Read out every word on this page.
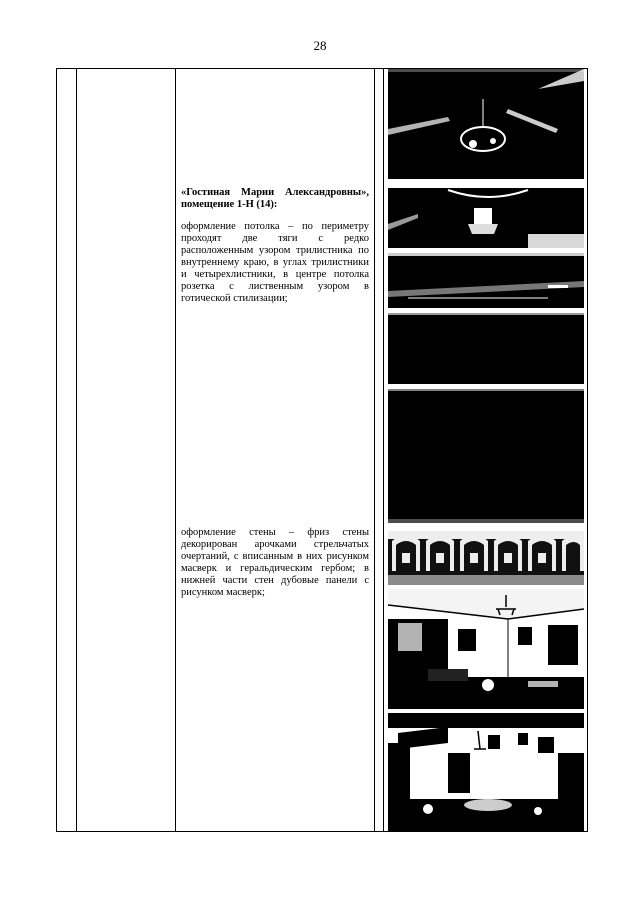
28
«Гостиная Марии Александровны», помещение 1-Н (14):
оформление потолка – по периметру проходят две тяги с редко расположенным узором трилистника по внутреннему краю, в углах трилистники и четырехлистники, в центре потолка розетка с лиственным узором в готической стилизации;
оформление стены – фриз стены декорирован арочками стрельчатых очертаний, с вписанным в них рисунком масверк и геральдическим гербом; в нижней части стен дубовые панели с рисунком масверк;
